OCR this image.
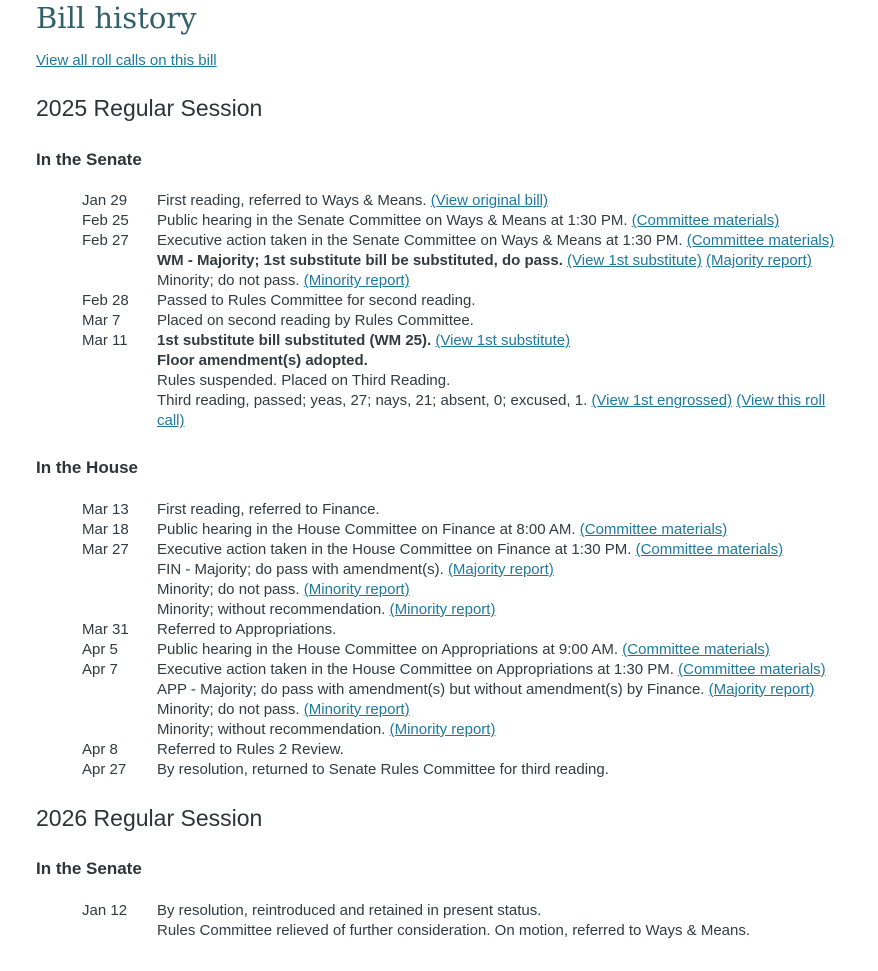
Bill history
View all roll calls on this bill
2025 Regular Session
In the Senate
Jan 29	First reading, referred to Ways & Means. (View original bill)
Feb 25	Public hearing in the Senate Committee on Ways & Means at 1:30 PM. (Committee materials)
Feb 27	Executive action taken in the Senate Committee on Ways & Means at 1:30 PM. (Committee materials)
WM - Majority; 1st substitute bill be substituted, do pass. (View 1st substitute) (Majority report)
Minority; do not pass. (Minority report)
Feb 28	Passed to Rules Committee for second reading.
Mar 7	Placed on second reading by Rules Committee.
Mar 11	1st substitute bill substituted (WM 25). (View 1st substitute)
Floor amendment(s) adopted.
Rules suspended. Placed on Third Reading.
Third reading, passed; yeas, 27; nays, 21; absent, 0; excused, 1. (View 1st engrossed) (View this roll call)
In the House
Mar 13	First reading, referred to Finance.
Mar 18	Public hearing in the House Committee on Finance at 8:00 AM. (Committee materials)
Mar 27	Executive action taken in the House Committee on Finance at 1:30 PM. (Committee materials)
FIN - Majority; do pass with amendment(s). (Majority report)
Minority; do not pass. (Minority report)
Minority; without recommendation. (Minority report)
Mar 31	Referred to Appropriations.
Apr 5	Public hearing in the House Committee on Appropriations at 9:00 AM. (Committee materials)
Apr 7	Executive action taken in the House Committee on Appropriations at 1:30 PM. (Committee materials)
APP - Majority; do pass with amendment(s) but without amendment(s) by Finance. (Majority report)
Minority; do not pass. (Minority report)
Minority; without recommendation. (Minority report)
Apr 8	Referred to Rules 2 Review.
Apr 27	By resolution, returned to Senate Rules Committee for third reading.
2026 Regular Session
In the Senate
Jan 12	By resolution, reintroduced and retained in present status.
Rules Committee relieved of further consideration. On motion, referred to Ways & Means.
